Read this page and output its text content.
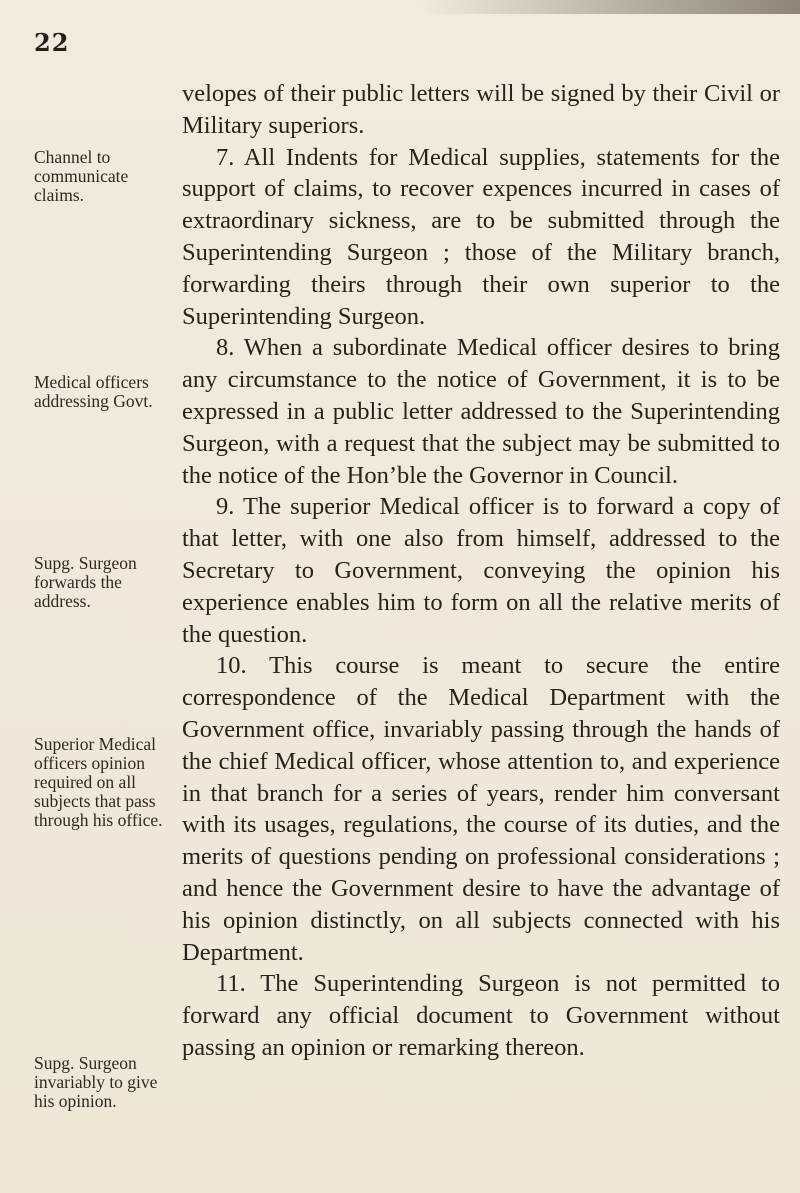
22
Channel to communicate claims.
Medical officers addressing Govt.
Supg. Surgeon forwards the address.
Superior Medical officers opinion required on all subjects that pass through his office.
Supg. Surgeon invariably to give his opinion.

velopes of their public letters will be signed by their Civil or Military superiors.

7. All Indents for Medical supplies, statements for the support of claims, to recover expences incurred in cases of extraordinary sickness, are to be submitted through the Superintending Surgeon ; those of the Military branch, forwarding theirs through their own superior to the Superintending Surgeon.

8. When a subordinate Medical officer desires to bring any circumstance to the notice of Government, it is to be expressed in a public letter addressed to the Superintending Surgeon, with a request that the subject may be submitted to the notice of the Hon’ble the Governor in Council.

9. The superior Medical officer is to forward a copy of that letter, with one also from himself, addressed to the Secretary to Government, conveying the opinion his experience enables him to form on all the relative merits of the question.

10. This course is meant to secure the entire correspondence of the Medical Department with the Government office, invariably passing through the hands of the chief Medical officer, whose attention to, and experience in that branch for a series of years, render him conversant with its usages, regulations, the course of its duties, and the merits of questions pending on professional considerations ; and hence the Government desire to have the advantage of his opinion distinctly, on all subjects connected with his Department.

11. The Superintending Surgeon is not permitted to forward any official document to Government without passing an opinion or remarking thereon.
